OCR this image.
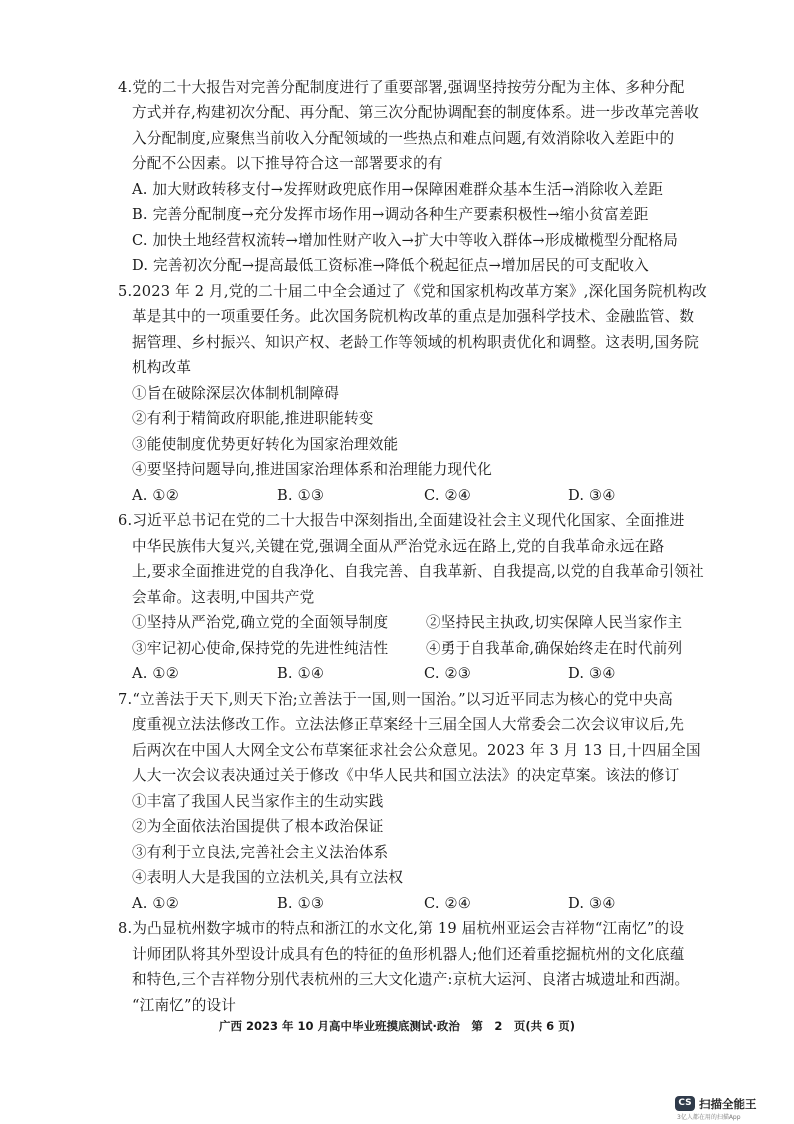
4.党的二十大报告对完善分配制度进行了重要部署,强调坚持按劳分配为主体、多种分配
方式并存,构建初次分配、再分配、第三次分配协调配套的制度体系。进一步改革完善收
入分配制度,应聚焦当前收入分配领域的一些热点和难点问题,有效消除收入差距中的
分配不公因素。以下推导符合这一部署要求的有
A. 加大财政转移支付→发挥财政兜底作用→保障困难群众基本生活→消除收入差距
B. 完善分配制度→充分发挥市场作用→调动各种生产要素积极性→缩小贫富差距
C. 加快土地经营权流转→增加性财产收入→扩大中等收入群体→形成橄榄型分配格局
D. 完善初次分配→提高最低工资标准→降低个税起征点→增加居民的可支配收入
5.2023 年 2 月,党的二十届二中全会通过了《党和国家机构改革方案》,深化国务院机构改
革是其中的一项重要任务。此次国务院机构改革的重点是加强科学技术、金融监管、数
据管理、乡村振兴、知识产权、老龄工作等领域的机构职责优化和调整。这表明,国务院
机构改革
①旨在破除深层次体制机制障碍
②有利于精简政府职能,推进职能转变
③能使制度优势更好转化为国家治理效能
④要坚持问题导向,推进国家治理体系和治理能力现代化
A. ①②	B. ①③	C. ②④	D. ③④
6.习近平总书记在党的二十大报告中深刻指出,全面建设社会主义现代化国家、全面推进
中华民族伟大复兴,关键在党,强调全面从严治党永远在路上,党的自我革命永远在路
上,要求全面推进党的自我净化、自我完善、自我革新、自我提高,以党的自我革命引领社
会革命。这表明,中国共产党
①坚持从严治党,确立党的全面领导制度	②坚持民主执政,切实保障人民当家作主
③牢记初心使命,保持党的先进性纯洁性	④勇于自我革命,确保始终走在时代前列
A. ①②	B. ①④	C. ②③	D. ③④
7.“立善法于天下,则天下治;立善法于一国,则一国治。”以习近平同志为核心的党中央高
度重视立法法修改工作。立法法修正草案经十三届全国人大常委会二次会议审议后,先
后两次在中国人大网全文公布草案征求社会公众意见。2023 年 3 月 13 日,十四届全国
人大一次会议表决通过关于修改《中华人民共和国立法法》的决定草案。该法的修订
①丰富了我国人民当家作主的生动实践
②为全面依法治国提供了根本政治保证
③有利于立良法,完善社会主义法治体系
④表明人大是我国的立法机关,具有立法权
A. ①②	B. ①③	C. ②④	D. ③④
8.为凸显杭州数字城市的特点和浙江的水文化,第 19 届杭州亚运会吉祥物“江南忆”的设
计师团队将其外型设计成具有色的特征的鱼形机器人;他们还着重挖掘杭州的文化底蕴
和特色,三个吉祥物分别代表杭州的三大文化遗产:京杭大运河、良渚古城遗址和西湖。
“江南忆”的设计
广西 2023 年 10 月高中毕业班摸底测试·政治　第　2　页(共 6 页)
CS 扫描全能王
3亿人都在用的扫描App
